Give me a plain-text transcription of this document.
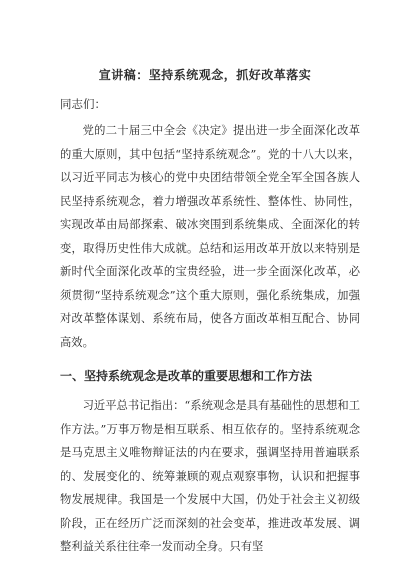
宣讲稿：坚持系统观念，抓好改革落实
同志们：

党的二十届三中全会《决定》提出进一步全面深化改革的重大原则，其中包括“坚持系统观念”。党的十八大以来，以习近平同志为核心的党中央团结带领全党全军全国各族人民坚持系统观念，着力增强改革系统性、整体性、协同性，实现改革由局部探索、破冰突围到系统集成、全面深化的转变，取得历史性伟大成就。总结和运用改革开放以来特别是新时代全面深化改革的宝贵经验，进一步全面深化改革，必须贯彻“坚持系统观念”这个重大原则，强化系统集成，加强对改革整体谋划、系统布局，使各方面改革相互配合、协同高效。

一、坚持系统观念是改革的重要思想和工作方法

习近平总书记指出：“系统观念是具有基础性的思想和工作方法。”万事万物是相互联系、相互依存的。坚持系统观念是马克思主义唯物辩证法的内在要求，强调坚持用普遍联系的、发展变化的、统筹兼顾的观点观察事物，认识和把握事物发展规律。我国是一个发展中大国，仍处于社会主义初级阶段，正在经历广泛而深刻的社会变革，推进改革发展、调整利益关系往往牵一发而动全身。只有坚
